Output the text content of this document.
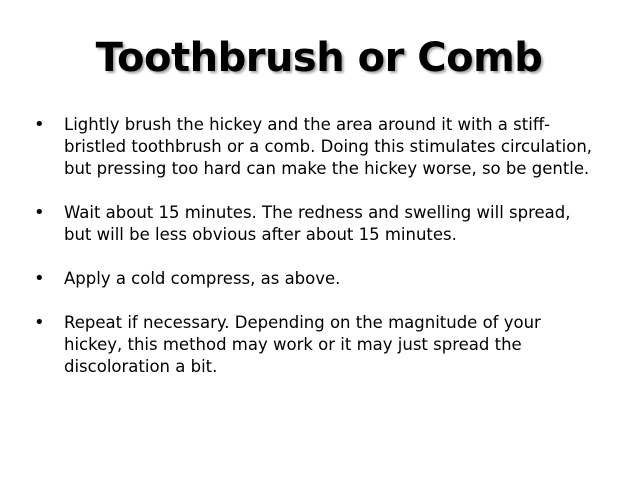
Toothbrush or Comb
•	Lightly brush the hickey and the area around it with a stiff-bristled toothbrush or a comb. Doing this stimulates circulation, but pressing too hard can make the hickey worse, so be gentle.
•	Wait about 15 minutes. The redness and swelling will spread, but will be less obvious after about 15 minutes.
•	Apply a cold compress, as above.
•	Repeat if necessary. Depending on the magnitude of your hickey, this method may work or it may just spread the discoloration a bit.
